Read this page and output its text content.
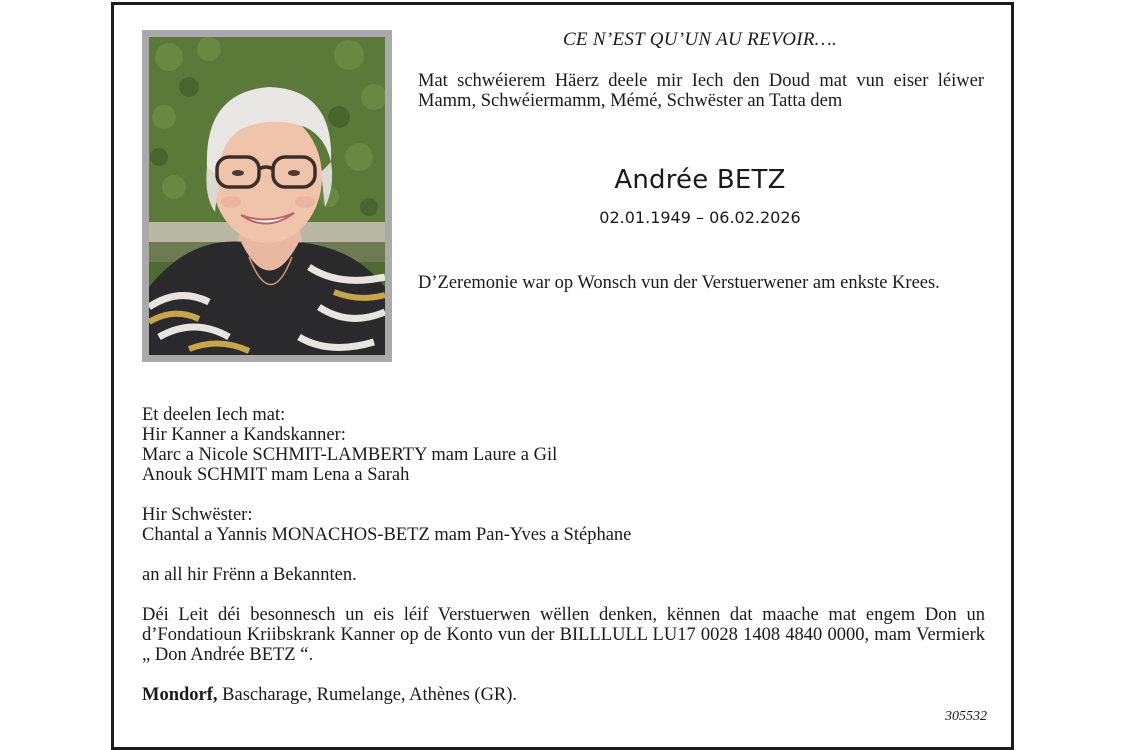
CE N’EST QU’UN AU REVOIR….
Mat schwéierem Häerz deele mir Iech den Doud mat vun eiser léiwer Mamm, Schwéiermamm, Mémé, Schwëster an Tatta dem
Andrée BETZ
02.01.1949 – 06.02.2026
D’Zeremonie war op Wonsch vun der Verstuerwener am enkste Krees.

Et deelen Iech mat:

Hir Kanner a Kandskanner:

Marc a Nicole SCHMIT-LAMBERTY mam Laure a Gil

Anouk SCHMIT mam Lena a Sarah

Hir Schwëster:

Chantal a Yannis MONACHOS-BETZ mam Pan-Yves a Stéphane

an all hir Frënn a Bekannten.

Déi Leit déi besonnesch un eis léif Verstuerwen wëllen denken, kënnen dat maache mat engem Don un d’Fondatioun Kriibskrank Kanner op de Konto vun der BILLLULL LU17 0028 1408 4840 0000, mam Vermierk „ Don Andrée BETZ “.

Mondorf, Bascharage, Rumelange, Athènes (GR).

305532
